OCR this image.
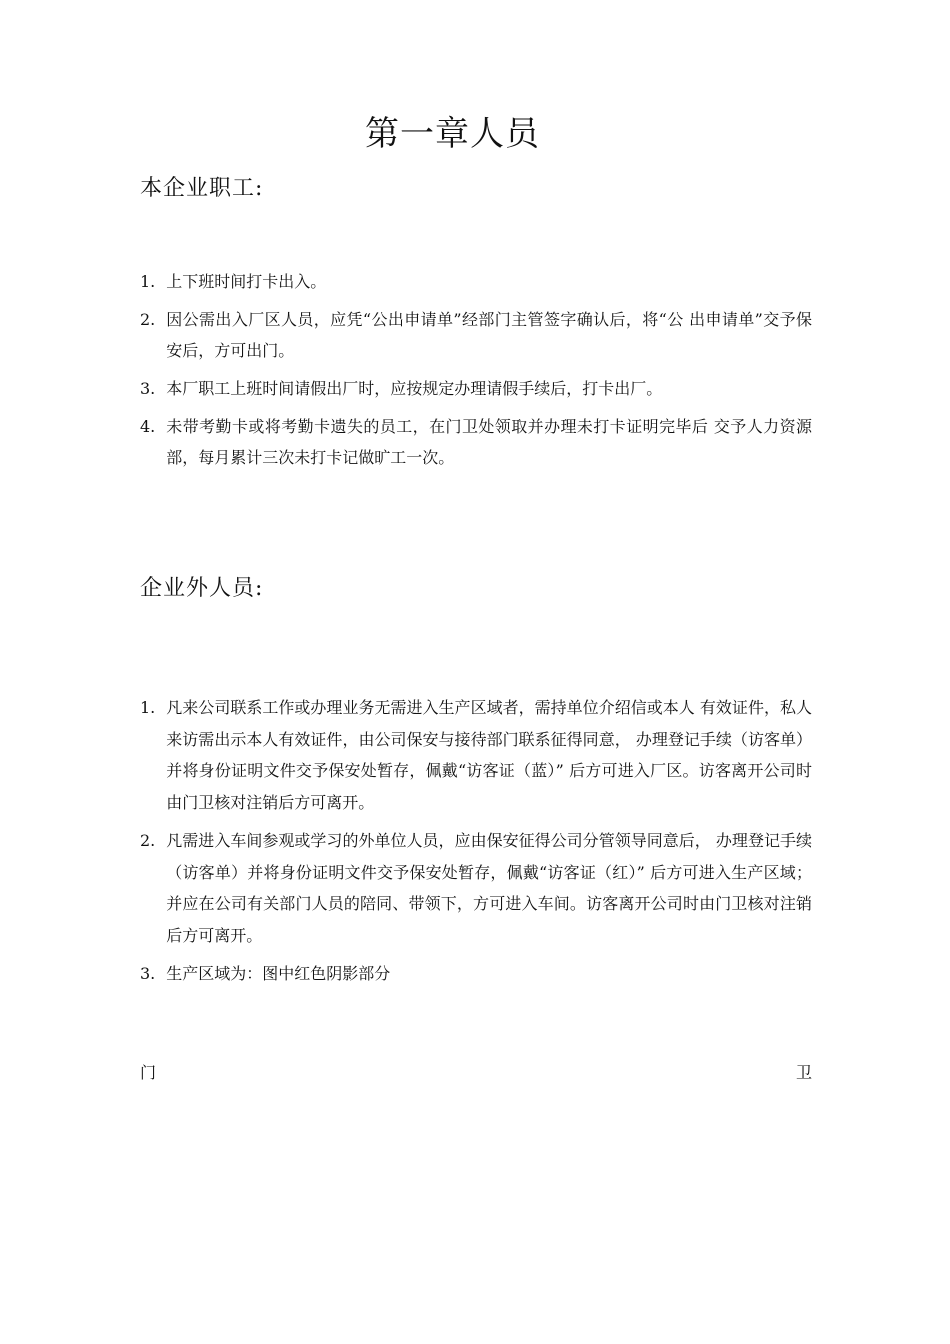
第一章人员
本企业职工:
1. 上下班时间打卡出入。
2. 因公需出入厂区人员，应凭“公出申请单”经部门主管签字确认后，将“公 出申请单”交予保安后，方可出门。
3. 本厂职工上班时间请假出厂时，应按规定办理请假手续后，打卡出厂。
4. 未带考勤卡或将考勤卡遗失的员工，在门卫处领取并办理未打卡证明完毕后 交予人力资源部，每月累计三次未打卡记做旷工一次。
企业外人员:
1. 凡来公司联系工作或办理业务无需进入生产区域者，需持单位介绍信或本人 有效证件，私人来访需出示本人有效证件，由公司保安与接待部门联系征得同意， 办理登记手续（访客单）并将身份证明文件交予保安处暂存，佩戴“访客证（蓝）” 后方可进入厂区。访客离开公司时由门卫核对注销后方可离开。
2. 凡需进入车间参观或学习的外单位人员，应由保安征得公司分管领导同意后， 办理登记手续（访客单）并将身份证明文件交予保安处暂存，佩戴“访客证（红）” 后方可进入生产区域；并应在公司有关部门人员的陪同、带领下，方可进入车间。访客离开公司时由门卫核对注销后方可离开。
3. 生产区域为：图中红色阴影部分
门	卫
